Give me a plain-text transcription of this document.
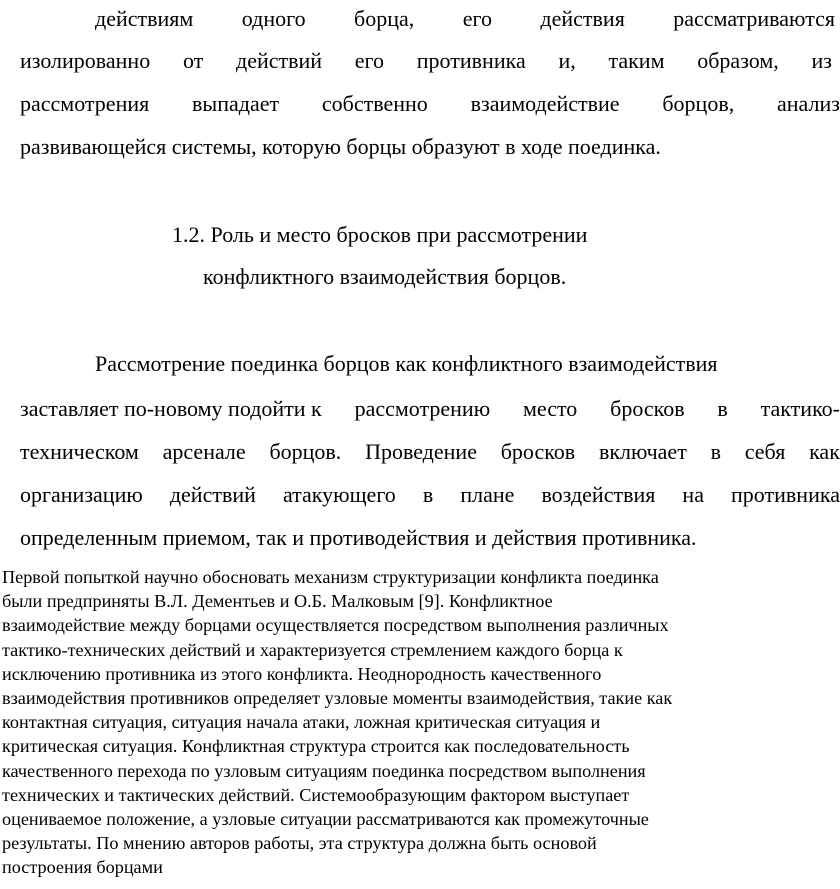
действиям одного борца, его действия рассматриваются
изолированно от действий его противника и, таким образом, из
рассмотрения выпадает собственно взаимодействие борцов, анализ
развивающейся системы, которую борцы образуют в ходе поединка.
1.2. Роль и место бросков при рассмотрении
конфликтного взаимодействия борцов.
Рассмотрение поединка борцов как конфликтного взаимодействия
заставляет по-новому подойти к рассмотрению место бросков в тактико-
техническом арсенале борцов. Проведение бросков включает в себя как
организацию действий атакующего в плане воздействия на противника
определенным приемом, так и противодействия и действия противника.
Первой попыткой научно обосновать механизм структуризации конфликта поединка
были предприняты В.Л. Дементьев и О.Б. Малковым [9]. Конфликтное
взаимодействие между борцами осуществляется посредством выполнения различных
тактико-технических действий и характеризуется стремлением каждого борца к
исключению противника из этого конфликта. Неоднородность качественного
взаимодействия противников определяет узловые моменты взаимодействия, такие как
контактная ситуация, ситуация начала атаки, ложная критическая ситуация и
критическая ситуация. Конфликтная структура строится как последовательность
качественного перехода по узловым ситуациям поединка посредством выполнения
технических и тактических действий. Системообразующим фактором выступает
оцениваемое положение, а узловые ситуации рассматриваются как промежуточные
результаты. По мнению авторов работы, эта структура должна быть основой
построения борцами
